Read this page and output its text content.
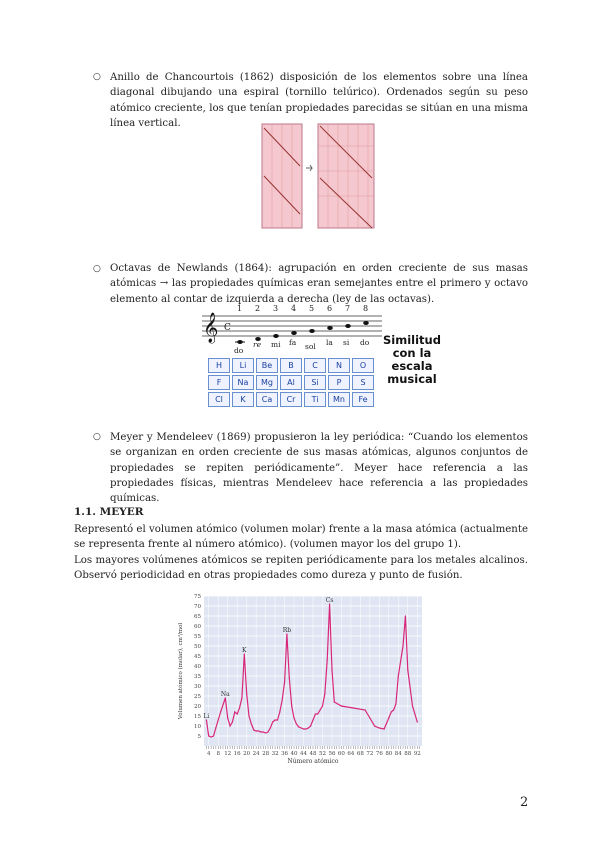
○ Anillo de Chancourtois (1862) disposición de los elementos sobre una línea diagonal dibujando una espiral (tornillo telúrico). Ordenados según su peso atómico creciente, los que tenían propiedades parecidas se sitúan en una misma línea vertical.
○ Octavas de Newlands (1864): agrupación en orden creciente de sus masas atómicas → las propiedades químicas eran semejantes entre el primero y octavo elemento al contar de izquierda a derecha (ley de las octavas).
𝄞 C
1 2 3 4 5 6 7 8
do
re mi fa sol la si do
H	Li	Be	B	C	N	O
F	Na	Mg	Al	Si	P	S
Cl	K	Ca	Cr	Ti	Mn	Fe
Similitud
con la
escala
musical
○ Meyer y Mendeleev (1869) propusieron la ley periódica: “Cuando los elementos se organizan en orden creciente de sus masas atómicas, algunos conjuntos de propiedades se repiten periódicamente”. Meyer hace referencia a las propiedades físicas, mientras Mendeleev hace referencia a las propiedades químicas.
1.1. MEYER
Representó el volumen atómico (volumen molar) frente a la masa atómica (actualmente se representa frente al número atómico). (volumen mayor los del grupo 1).
Los mayores volúmenes atómicos se repiten periódicamente para los metales alcalinos. Observó periodicidad en otras propiedades como dureza y punto de fusión.
5
10
15
20
25
30
35
40
45
50
55
60
65
70
75
4 8 12 16 20 24 28 32 36 40 44 48 52 56 60 64 68 72 76 80 84 88 92
Número atómico
Volumen atómico (molar), cm³/mol	Li
Na
K
Rb
Cs
2
